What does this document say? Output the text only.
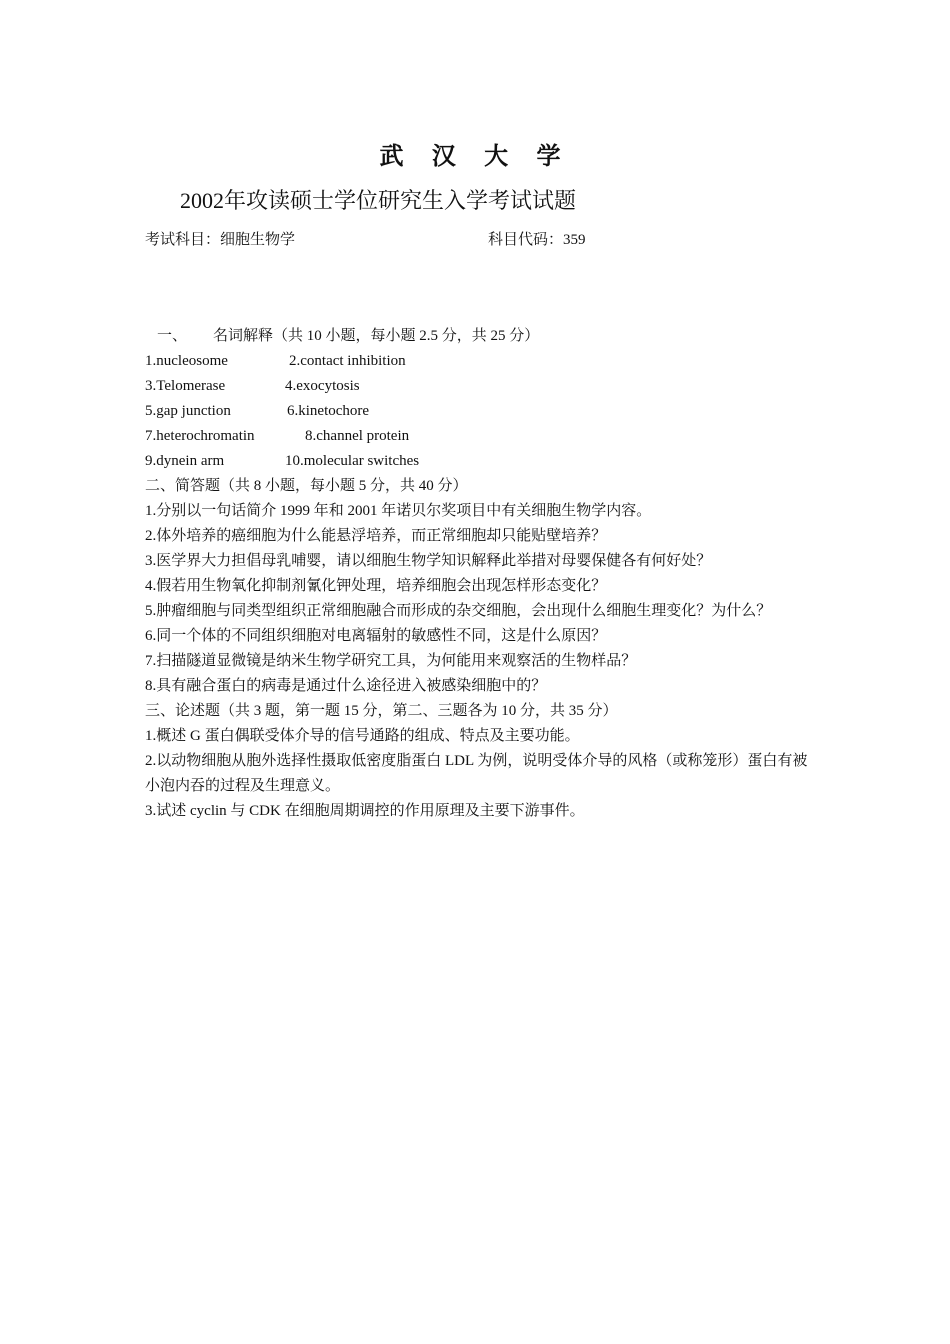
武 汉 大 学
2002年攻读硕士学位研究生入学考试试题
考试科目：细胞生物学	科目代码：359
一、 名词解释（共 10 小题，每小题 2.5 分，共 25 分）
1.nucleosome	2.contact inhibition
3.Telomerase	4.exocytosis
5.gap junction	6.kinetochore
7.heterochromatin	8.channel protein
9.dynein arm	10.molecular switches
二、简答题（共 8 小题，每小题 5 分，共 40 分）
1.分别以一句话简介 1999 年和 2001 年诺贝尔奖项目中有关细胞生物学内容。
2.体外培养的癌细胞为什么能悬浮培养，而正常细胞却只能贴壁培养？
3.医学界大力担倡母乳哺婴，请以细胞生物学知识解释此举措对母婴保健各有何好处？
4.假若用生物氧化抑制剂氰化钾处理，培养细胞会出现怎样形态变化？
5.肿瘤细胞与同类型组织正常细胞融合而形成的杂交细胞，会出现什么细胞生理变化？为什么？
6.同一个体的不同组织细胞对电离辐射的敏感性不同，这是什么原因？
7.扫描隧道显微镜是纳米生物学研究工具，为何能用来观察活的生物样品？
8.具有融合蛋白的病毒是通过什么途径进入被感染细胞中的？
三、论述题（共 3 题，第一题 15 分，第二、三题各为 10 分，共 35 分）
1.概述 G 蛋白偶联受体介导的信号通路的组成、特点及主要功能。
2.以动物细胞从胞外选择性摄取低密度脂蛋白 LDL 为例，说明受体介导的风格（或称笼形）蛋白有被小泡内吞的过程及生理意义。
3.试述 cyclin 与 CDK 在细胞周期调控的作用原理及主要下游事件。
